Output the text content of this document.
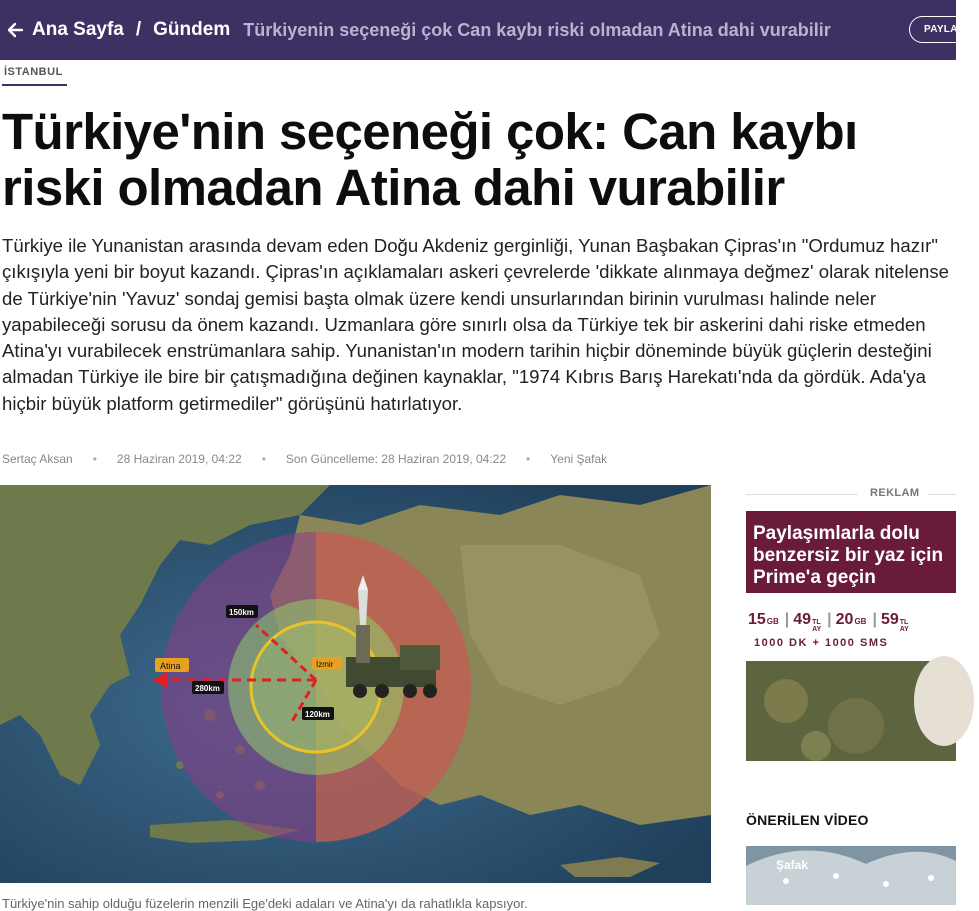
Ana Sayfa / Gündem Türkiyenin seçeneği çok Can kaybı riski olmadan Atina dahi vurabilir	PAYLAŞ
İSTANBUL
Türkiye'nin seçeneği çok: Can kaybı riski olmadan Atina dahi vurabilir

Türkiye ile Yunanistan arasında devam eden Doğu Akdeniz gerginliği, Yunan Başbakan Çipras'ın "Ordumuz hazır" çıkışıyla yeni bir boyut kazandı. Çipras'ın açıklamaları askeri çevrelerde 'dikkate alınmaya değmez' olarak nitelense de Türkiye'nin 'Yavuz' sondaj gemisi başta olmak üzere kendi unsurlarından birinin vurulması halinde neler yapabileceği sorusu da önem kazandı. Uzmanlara göre sınırlı olsa da Türkiye tek bir askerini dahi riske etmeden Atina'yı vurabilecek enstrümanlara sahip. Yunanistan'ın modern tarihin hiçbir döneminde büyük güçlerin desteğini almadan Türkiye ile bire bir çatışmadığına değinen kaynaklar, "1974 Kıbrıs Barış Harekatı'nda da gördük. Ada'ya hiçbir büyük platform getirmediler" görüşünü hatırlatıyor.

Sertaç Aksan • 28 Haziran 2019, 04:22 • Son Güncelleme: 28 Haziran 2019, 04:22 • Yeni Şafak
Atina	İzmir
150km
280km
120km
Türkiye'nin sahip olduğu füzelerin menzili Ege'deki adaları ve Atina'yı da rahatlıkla kapsıyor.
REKLAM
Paylaşımlarla dolu
benzersiz bir yaz için
Prime'a geçin
15 GB | 49 TL
AY
| 20 GB | 59 TL
AY
1000 DK + 1000 SMS
ÖNERİLEN VİDEO
Şafak
